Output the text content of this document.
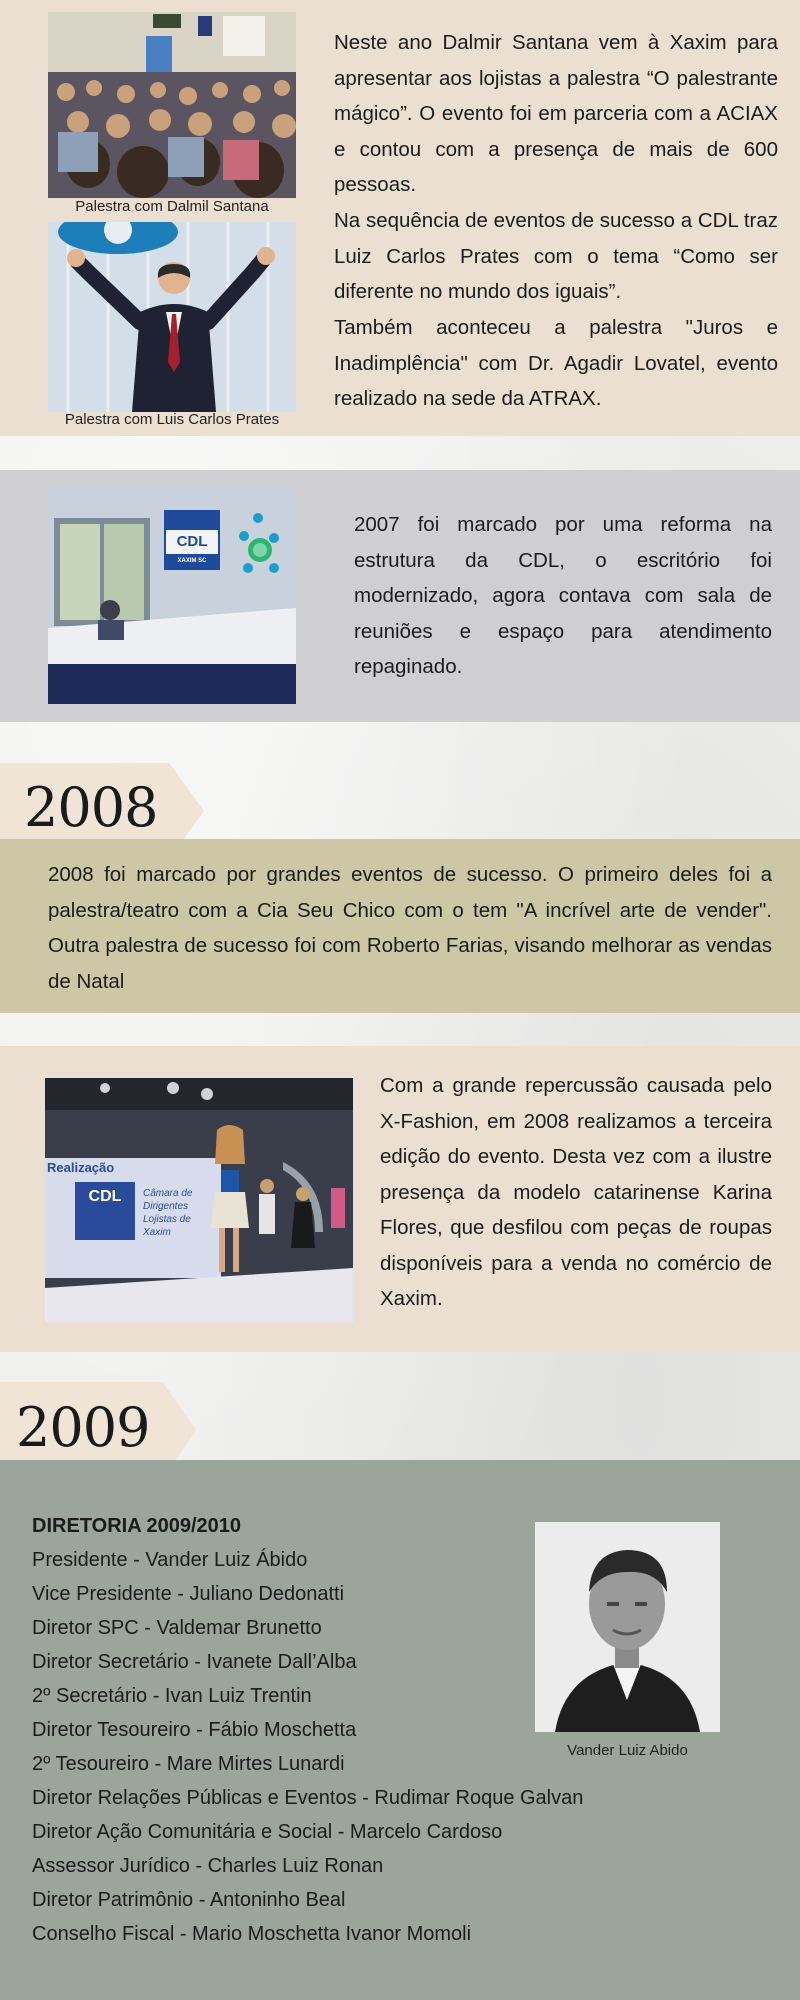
Palestra com Dalmil Santana
Palestra com Luis Carlos Prates

Neste ano Dalmir Santana vem à Xaxim para apresentar aos lojistas a palestra “O palestrante mágico”. O evento foi em parceria com a ACIAX e contou com a presença de mais de 600 pessoas.

Na sequência de eventos de sucesso a CDL traz Luiz Carlos Prates com o tema “Como ser diferente no mundo dos iguais”.

Também aconteceu a palestra "Juros e Inadimplência" com Dr. Agadir Lovatel, evento realizado na sede da ATRAX.

CDL
XAXIM SC

2007 foi marcado por uma reforma na estrutura da CDL, o escritório foi modernizado, agora contava com sala de reuniões e espaço para atendimento repaginado.

2008

2008 foi marcado por grandes eventos de sucesso. O primeiro deles foi a palestra/teatro com a Cia Seu Chico com o tem "A incrível arte de vender". Outra palestra de sucesso foi com Roberto Farias, visando melhorar as vendas de Natal

Realização
CDL	Câmara de
Dirigentes
Lojistas de
Xaxim

Com a grande repercussão causada pelo X-Fashion, em 2008 realizamos a terceira edição do evento. Desta vez com a ilustre presença da modelo catarinense Karina Flores, que desfilou com peças de roupas disponíveis para a venda no comércio de Xaxim.

2009
DIRETORIA 2009/2010
Presidente - Vander Luiz Ábido
Vice Presidente - Juliano Dedonatti
Diretor SPC - Valdemar Brunetto
Diretor Secretário - Ivanete Dall’Alba
2º Secretário - Ivan Luiz Trentin
Diretor Tesoureiro - Fábio Moschetta
2º Tesoureiro - Mare Mirtes Lunardi
Diretor Relações Públicas e Eventos - Rudimar Roque Galvan
Diretor Ação Comunitária e Social - Marcelo Cardoso
Assessor Jurídico - Charles Luiz Ronan
Diretor Patrimônio - Antoninho Beal
Conselho Fiscal - Mario Moschetta Ivanor Momoli
Vander Luiz Abido
